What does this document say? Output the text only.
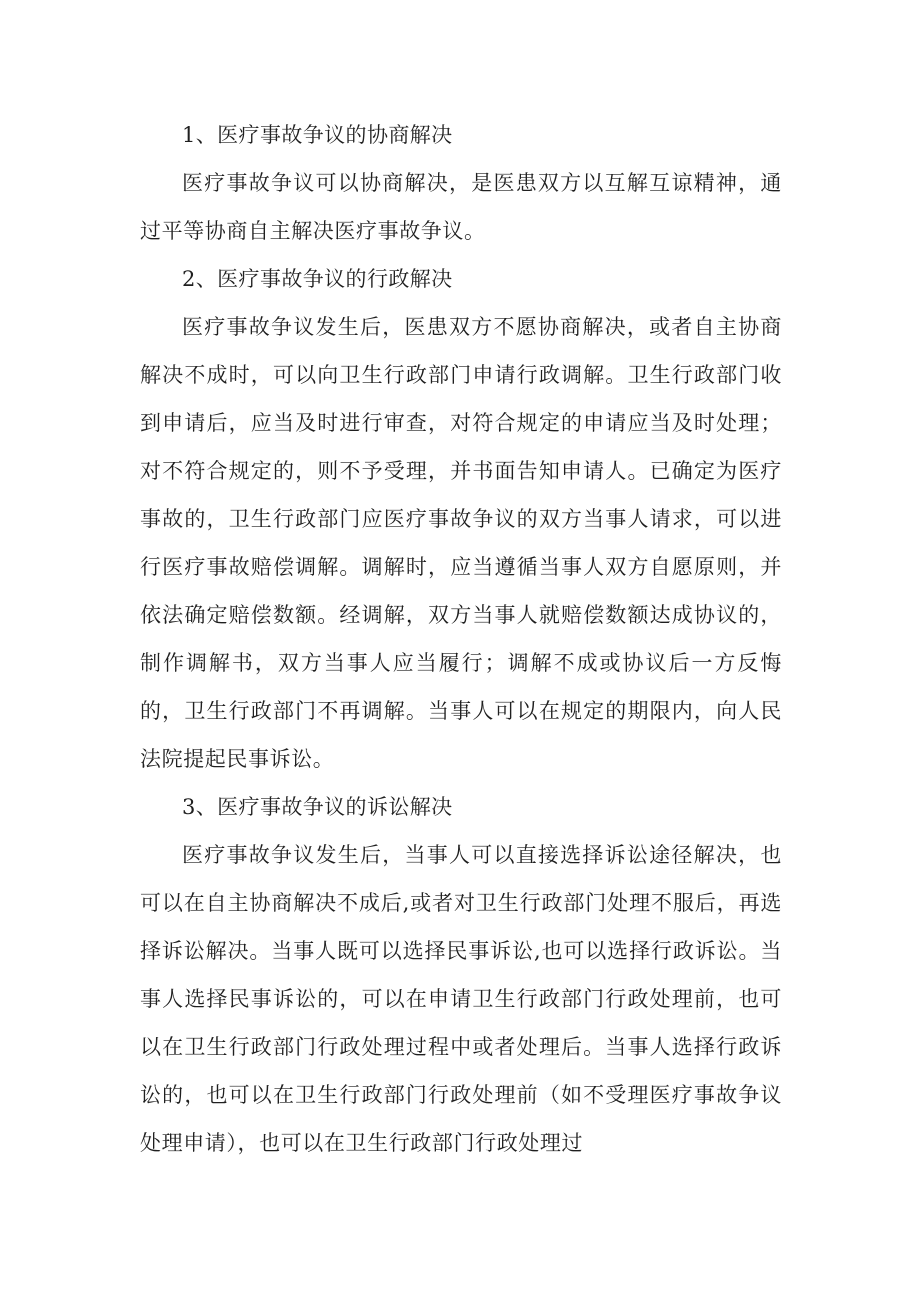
1、医疗事故争议的协商解决

医疗事故争议可以协商解决，是医患双方以互解互谅精神，通过平等协商自主解决医疗事故争议。

2、医疗事故争议的行政解决

医疗事故争议发生后，医患双方不愿协商解决，或者自主协商解决不成时，可以向卫生行政部门申请行政调解。卫生行政部门收到申请后，应当及时进行审查，对符合规定的申请应当及时处理；对不符合规定的，则不予受理，并书面告知申请人。已确定为医疗事故的，卫生行政部门应医疗事故争议的双方当事人请求，可以进行医疗事故赔偿调解。调解时，应当遵循当事人双方自愿原则，并依法确定赔偿数额。经调解，双方当事人就赔偿数额达成协议的，制作调解书，双方当事人应当履行；调解不成或协议后一方反悔的，卫生行政部门不再调解。当事人可以在规定的期限内，向人民法院提起民事诉讼。

3、医疗事故争议的诉讼解决

医疗事故争议发生后，当事人可以直接选择诉讼途径解决，也可以在自主协商解决不成后,或者对卫生行政部门处理不服后，再选择诉讼解决。当事人既可以选择民事诉讼,也可以选择行政诉讼。当事人选择民事诉讼的，可以在申请卫生行政部门行政处理前，也可以在卫生行政部门行政处理过程中或者处理后。当事人选择行政诉讼的，也可以在卫生行政部门行政处理前（如不受理医疗事故争议处理申请），也可以在卫生行政部门行政处理过
